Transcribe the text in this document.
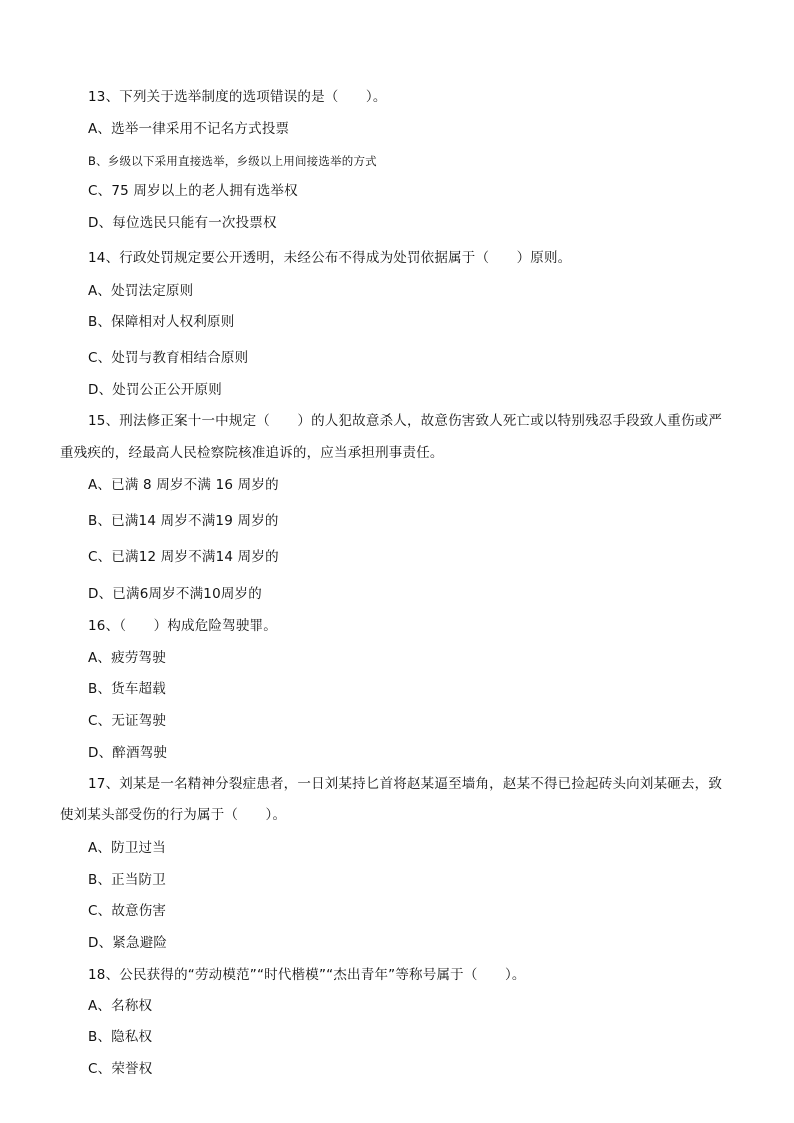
13、下列关于选举制度的选项错误的是（　　）。
A、选举一律采用不记名方式投票
B、乡级以下采用直接选举，乡级以上用间接选举的方式
C、75 周岁以上的老人拥有选举权
D、每位选民只能有一次投票权
14、行政处罚规定要公开透明，未经公布不得成为处罚依据属于（　　）原则。
A、处罚法定原则
B、保障相对人权利原则
C、处罚与教育相结合原则
D、处罚公正公开原则
15、刑法修正案十一中规定（　　）的人犯故意杀人，故意伤害致人死亡或以特别残忍手段致人重伤或严
重残疾的，经最高人民检察院核准追诉的，应当承担刑事责任。
A、已满 8 周岁不满 16 周岁的
B、已满14 周岁不满19 周岁的
C、已满12 周岁不满14 周岁的
D、已满6周岁不满10周岁的
16、（　　）构成危险驾驶罪。
A、疲劳驾驶
B、货车超载
C、无证驾驶
D、醉酒驾驶
17、刘某是一名精神分裂症患者，一日刘某持匕首将赵某逼至墙角，赵某不得已捡起砖头向刘某砸去，致
使刘某头部受伤的行为属于（　　）。
A、防卫过当
B、正当防卫
C、故意伤害
D、紧急避险
18、公民获得的“劳动模范”“时代楷模”“杰出青年”等称号属于（　　）。
A、名称权
B、隐私权
C、荣誉权
